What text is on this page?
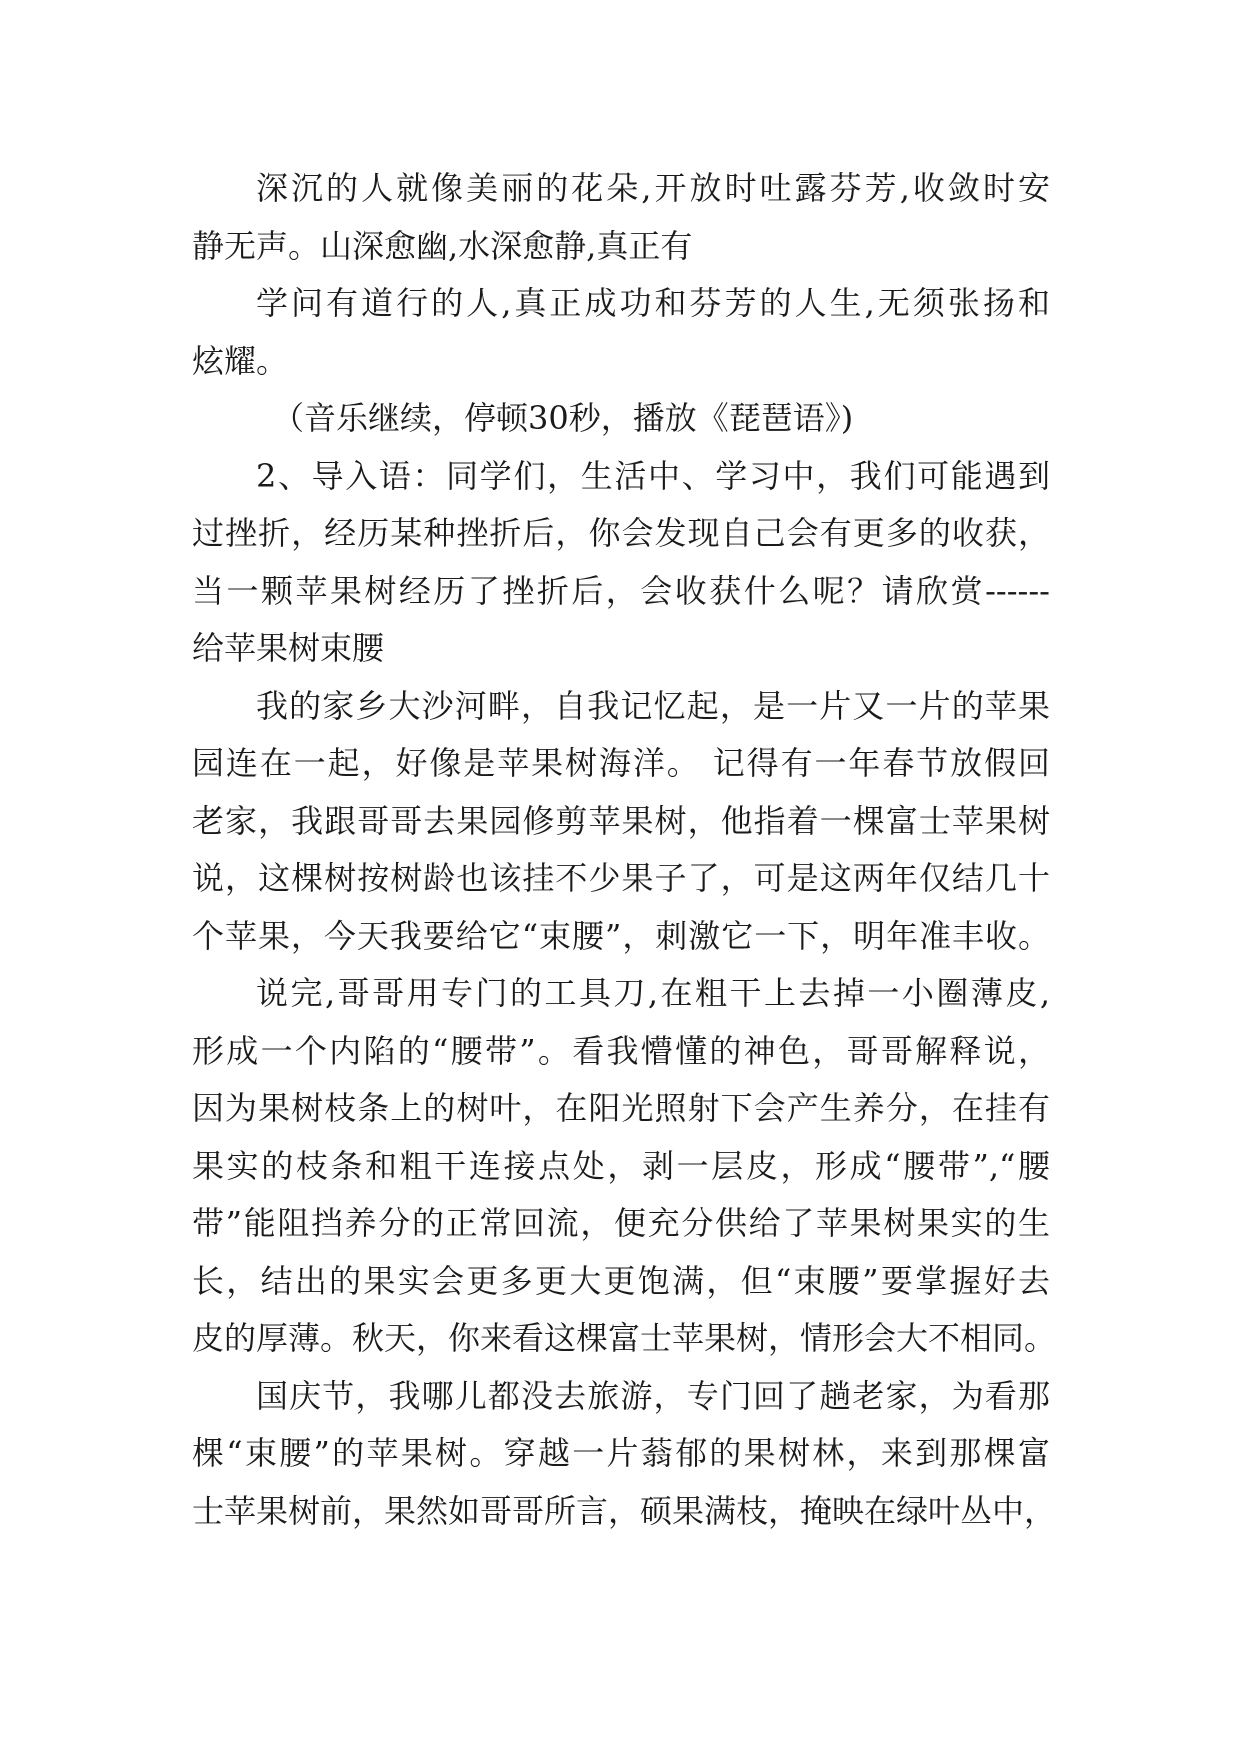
深沉的人就像美丽的花朵,开放时吐露芬芳,收敛时安
静无声。山深愈幽,水深愈静,真正有
学问有道行的人,真正成功和芬芳的人生,无须张扬和
炫耀。
（音乐继续，停顿30秒，播放《琵琶语》)
2、导入语：同学们，生活中、学习中，我们可能遇到
过挫折，经历某种挫折后，你会发现自己会有更多的收获，
当一颗苹果树经历了挫折后，会收获什么呢？请欣赏------
给苹果树束腰
我的家乡大沙河畔，自我记忆起，是一片又一片的苹果
园连在一起，好像是苹果树海洋。 记得有一年春节放假回
老家，我跟哥哥去果园修剪苹果树，他指着一棵富士苹果树
说，这棵树按树龄也该挂不少果子了，可是这两年仅结几十
个苹果，今天我要给它“束腰”，刺激它一下，明年准丰收。
说完,哥哥用专门的工具刀,在粗干上去掉一小圈薄皮,
形成一个内陷的“腰带”。看我懵懂的神色，哥哥解释说，
因为果树枝条上的树叶，在阳光照射下会产生养分，在挂有
果实的枝条和粗干连接点处，剥一层皮，形成“腰带”,“腰
带”能阻挡养分的正常回流，便充分供给了苹果树果实的生
长，结出的果实会更多更大更饱满，但“束腰”要掌握好去
皮的厚薄。秋天，你来看这棵富士苹果树，情形会大不相同。
国庆节，我哪儿都没去旅游，专门回了趟老家，为看那
棵“束腰”的苹果树。穿越一片蓊郁的果树林，来到那棵富
士苹果树前，果然如哥哥所言，硕果满枝，掩映在绿叶丛中，
